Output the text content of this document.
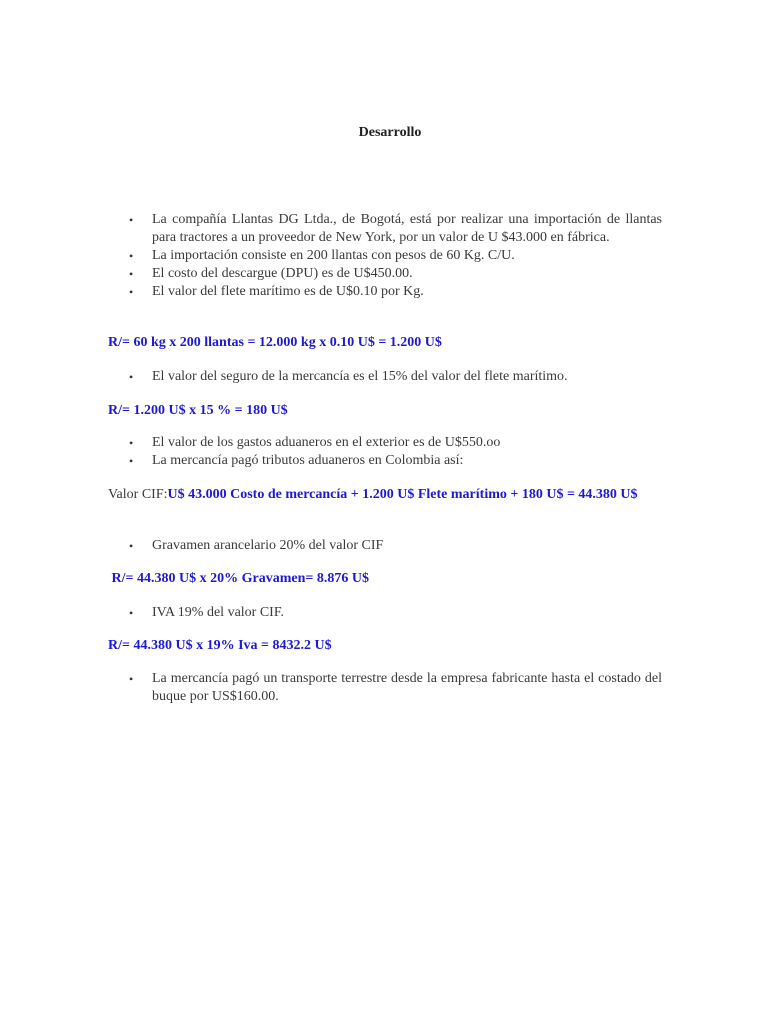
Desarrollo
• La compañía Llantas DG Ltda., de Bogotá, está por realizar una importación de llantas para tractores a un proveedor de New York, por un valor de U $43.000 en fábrica.
• La importación consiste en 200 llantas con pesos de 60 Kg. C/U.
• El costo del descargue (DPU) es de U$450.00.
• El valor del flete marítimo es de U$0.10 por Kg.
R/= 60 kg x 200 llantas = 12.000 kg x 0.10 U$ = 1.200 U$
• El valor del seguro de la mercancía es el 15% del valor del flete marítimo.
R/= 1.200 U$ x 15 % = 180 U$
• El valor de los gastos aduaneros en el exterior es de U$550.oo
• La mercancía pagó tributos aduaneros en Colombia así:
Valor CIF:U$ 43.000 Costo de mercancía + 1.200 U$ Flete marítimo + 180 U$ = 44.380 U$
• Gravamen arancelario 20% del valor CIF
R/= 44.380 U$ x 20% Gravamen= 8.876 U$
• IVA 19% del valor CIF.
R/= 44.380 U$ x 19% Iva = 8432.2 U$
• La mercancía pagó un transporte terrestre desde la empresa fabricante hasta el costado del buque por US$160.00.
